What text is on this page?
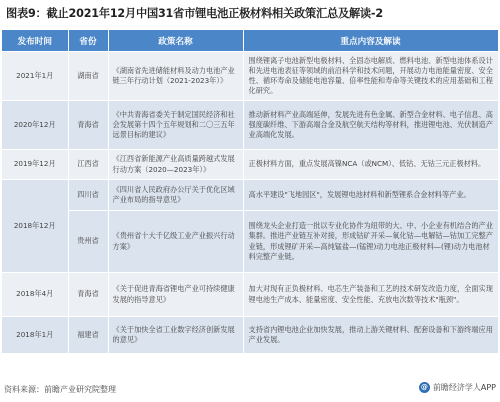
图表9：截止2021年12月中国31省市锂电池正极材料相关政策汇总及解读-2
发布时间	省份	政策名称	重点内容及解读
2021年1月	湖南省	《湖南省先进储能材料及动力电池产业链三年行动计划（2021-2023年）》	围绕锂离子电池新型电极材料、全固态电解质、燃料电池、新型电池体系设计和先进电池表征等领域的前沿科学和技术问题，开展动力电池能量密度、安全性、循环寿命及储能电池容量、倍率性能和寿命等关键技术的应用基础和工程化研究。
2020年12月	青海省	《中共青海省委关于制定国民经济和社会发展第十四个五年规划和二〇三五年远景目标的建议》	推动新材料产业高端延伸，发展先进有色金属、新型合金材料、电子信息、高强度碳纤维、下游高端合金及航空航天结构等材料，推进锂电池、光伏制造产业高端化发展。
2019年12月	江西省	《江西省新能源产业高质量跨越式发展行动方案（2020—2023年）》	正极材料方面，重点发展高镍NCA（或NCM）、低钴、无钴三元正极材料。
2018年12月	四川省	《四川省人民政府办公厅关于优化区域产业布局的指导意见》	高水平建设"飞地园区"，发展锂电池材料和新型锂系合金材料等产业。
	贵州省	《贵州省十大千亿级工业产业振兴行动方案》	围绕龙头企业打造一批以专业化协作为纽带的大、中、小企业有机结合的产业集群。推进产业链互补对接，形成钴矿开采—氧化钴—电解钴—钴加工完整产业链，形成锂矿开采—高纯锰盐—(锰锂)动力电池正极材料—(锂)动力电池材料完整产业链。
2018年4月	青海省	《关于促进青海省锂电产业可持续健康发展的指导意见》	加大对现有正负极材料、电芯生产装备和工艺的技术研发改造力度，全面实现锂电池生产成本、能量密度、安全性能、充放电次数等技术"瓶颈"。
2018年1月	福建省	《关于加快全省工业数字经济创新发展的意见》	支持省内锂电池企业加快发展，推动上游关键材料、配套设备和下游终端应用产业发展。
资料来源：前瞻产业研究院整理	@ 前瞻经济学人APP
